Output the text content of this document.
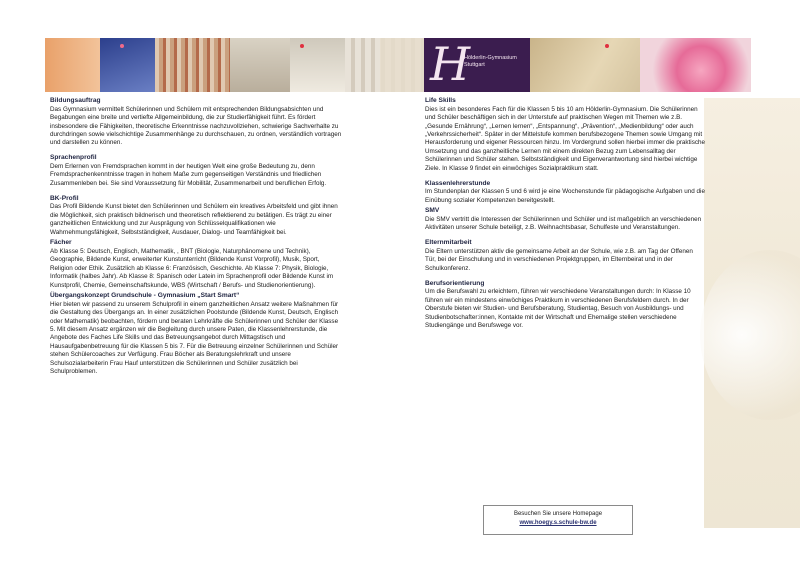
H
Hölderlin-Gymnasium
Stuttgart
Bildungsauftrag

Das Gymnasium vermittelt Schülerinnen und Schülern mit entsprechenden Bildungsabsichten und Begabungen eine breite und vertiefte Allgemeinbildung, die zur Studierfähigkeit führt. Es fördert insbesondere die Fähigkeiten, theoretische Erkenntnisse nachzuvollziehen, schwierige Sachverhalte zu durchdringen sowie vielschichtige Zusammenhänge zu durchschauen, zu ordnen, verständlich vortragen und darstellen zu können.

Sprachenprofil

Dem Erlernen von Fremdsprachen kommt in der heutigen Welt eine große Bedeutung zu, denn Fremdsprachenkenntnisse tragen in hohem Maße zum gegenseitigen Verständnis und friedlichen Zusammenleben bei. Sie sind Voraussetzung für Mobilität, Zusammenarbeit und beruflichen Erfolg.

BK-Profil

Das Profil Bildende Kunst bietet den Schülerinnen und Schülern ein kreatives Arbeitsfeld und gibt ihnen die Möglichkeit, sich praktisch bildnerisch und theoretisch reflektierend zu betätigen. Es trägt zu einer ganzheitlichen Entwicklung und zur Ausprägung von Schlüsselqualifikationen wie Wahrnehmungsfähigkeit, Selbstständigkeit, Ausdauer, Dialog- und Teamfähigkeit bei.

Fächer

Ab Klasse 5: Deutsch, Englisch, Mathematik, , BNT (Biologie, Naturphänomene und Technik), Geographie, Bildende Kunst, erweiterter Kunstunterricht (Bildende Kunst Vorprofil), Musik, Sport, Religion oder Ethik. Zusätzlich ab Klasse 6: Französisch, Geschichte. Ab Klasse 7: Physik, Biologie, Informatik (halbes Jahr). Ab Klasse 8: Spanisch oder Latein im Sprachenprofil oder Bildende Kunst im Kunstprofil, Chemie, Gemeinschaftskunde, WBS (Wirtschaft / Berufs- und Studienorientierung).

Übergangskonzept Grundschule - Gymnasium „Start Smart“

Hier bieten wir passend zu unserem Schulprofil in einem ganzheitlichen Ansatz weitere Maßnahmen für die Gestaltung des Übergangs an. In einer zusätzlichen Poolstunde (Bildende Kunst, Deutsch, Englisch oder Mathematik) beobachten, fördern und beraten Lehrkräfte die Schülerinnen und Schüler der Klasse 5. Mit diesem Ansatz ergänzen wir die Begleitung durch unsere Paten, die Klassenlehrerstunde, die Angebote des Faches Life Skills und das Betreuungsangebot durch Mittagstisch und Hausaufgabenbetreuung für die Klassen 5 bis 7. Für die Betreuung einzelner Schülerinnen und Schüler stehen Schülercoaches zur Verfügung. Frau Böcher als Beratungslehrkraft und unsere Schulsozialarbeiterin Frau Hauf unterstützen die Schülerinnen und Schüler zusätzlich bei Schulproblemen.

Life Skills

Dies ist ein besonderes Fach für die Klassen 5 bis 10 am Hölderlin-Gymnasium. Die Schülerinnen und Schüler beschäftigen sich in der Unterstufe auf praktischen Wegen mit Themen wie z.B. „Gesunde Ernährung“, „Lernen lernen“, „Entspannung“, „Prävention“, „Medienbildung“ oder auch „Verkehrssicherheit“. Später in der Mittelstufe kommen berufsbezogene Themen sowie Umgang mit Herausforderung und eigener Ressourcen hinzu. Im Vordergrund sollen hierbei immer die praktische Umsetzung und das ganzheitliche Lernen mit einem direkten Bezug zum Lebensalltag der Schülerinnen und Schüler stehen. Selbstständigkeit und Eigenverantwortung sind hierbei wichtige Ziele. In Klasse 9 findet ein einwöchiges Sozialpraktikum statt.

Klassenlehrerstunde

Im Stundenplan der Klassen 5 und 6 wird je eine Wochenstunde für pädagogische Aufgaben und die Einübung sozialer Kompetenzen bereitgestellt.

SMV

Die SMV vertritt die Interessen der Schülerinnen und Schüler und ist maßgeblich an verschiedenen Aktivitäten unserer Schule beteiligt, z.B. Weihnachtsbasar, Schulfeste und Veranstaltungen.

Elternmitarbeit

Die Eltern unterstützen aktiv die gemeinsame Arbeit an der Schule, wie z.B. am Tag der Offenen Tür, bei der Einschulung und in verschiedenen Projektgruppen, im Elternbeirat und in der Schulkonferenz.

Berufsorientierung

Um die Berufswahl zu erleichtern, führen wir verschiedene Veranstaltungen durch: In Klasse 10 führen wir ein mindestens einwöchiges Praktikum in verschiedenen Berufsfeldern durch. In der Oberstufe bieten wir Studien- und Berufsberatung, Studientag, Besuch von Ausbildungs- und Studienbotschafter:innen, Kontakte mit der Wirtschaft und Ehemalige stellen verschiedene Studiengänge und Berufswege vor.

Besuchen Sie unsere Homepage
www.hoegy.s.schule-bw.de
